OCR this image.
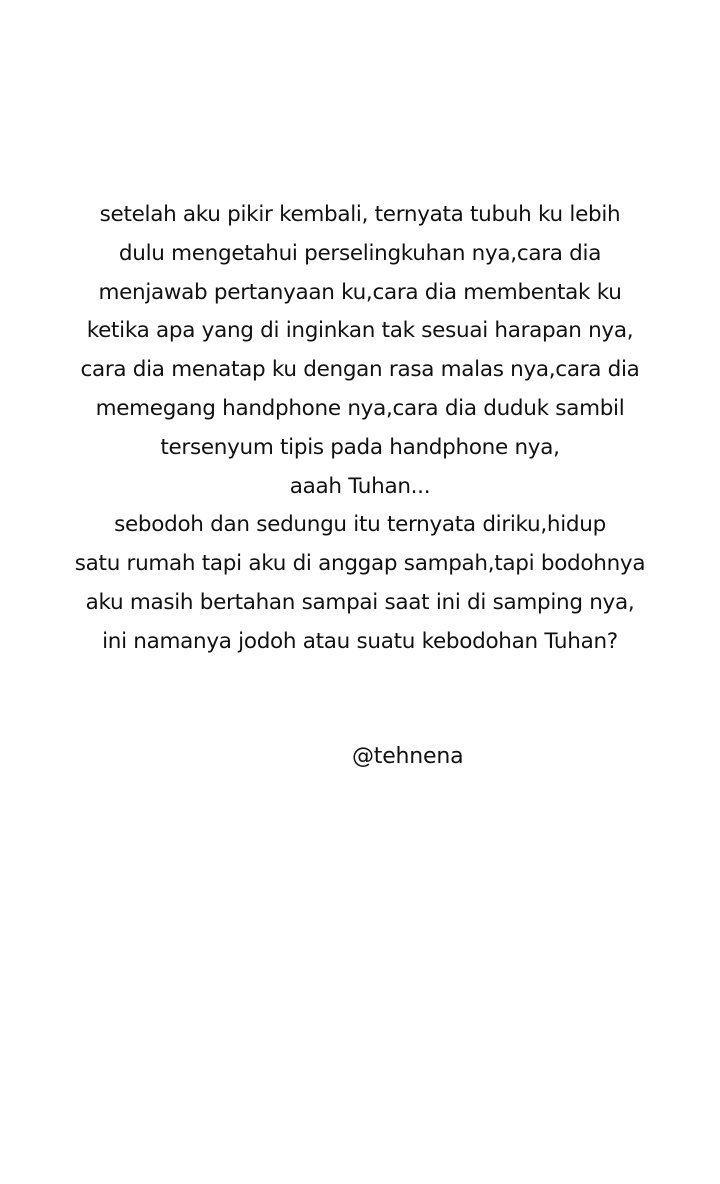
setelah aku pikir kembali, ternyata tubuh ku lebih
dulu mengetahui perselingkuhan nya,cara dia
menjawab pertanyaan ku,cara dia membentak ku
ketika apa yang di inginkan tak sesuai harapan nya,
cara dia menatap ku dengan rasa malas nya,cara dia
memegang handphone nya,cara dia duduk sambil
tersenyum tipis pada handphone nya,
aaah Tuhan...
sebodoh dan sedungu itu ternyata diriku,hidup
satu rumah tapi aku di anggap sampah,tapi bodohnya
aku masih bertahan sampai saat ini di samping nya,
ini namanya jodoh atau suatu kebodohan Tuhan?
@tehnena
